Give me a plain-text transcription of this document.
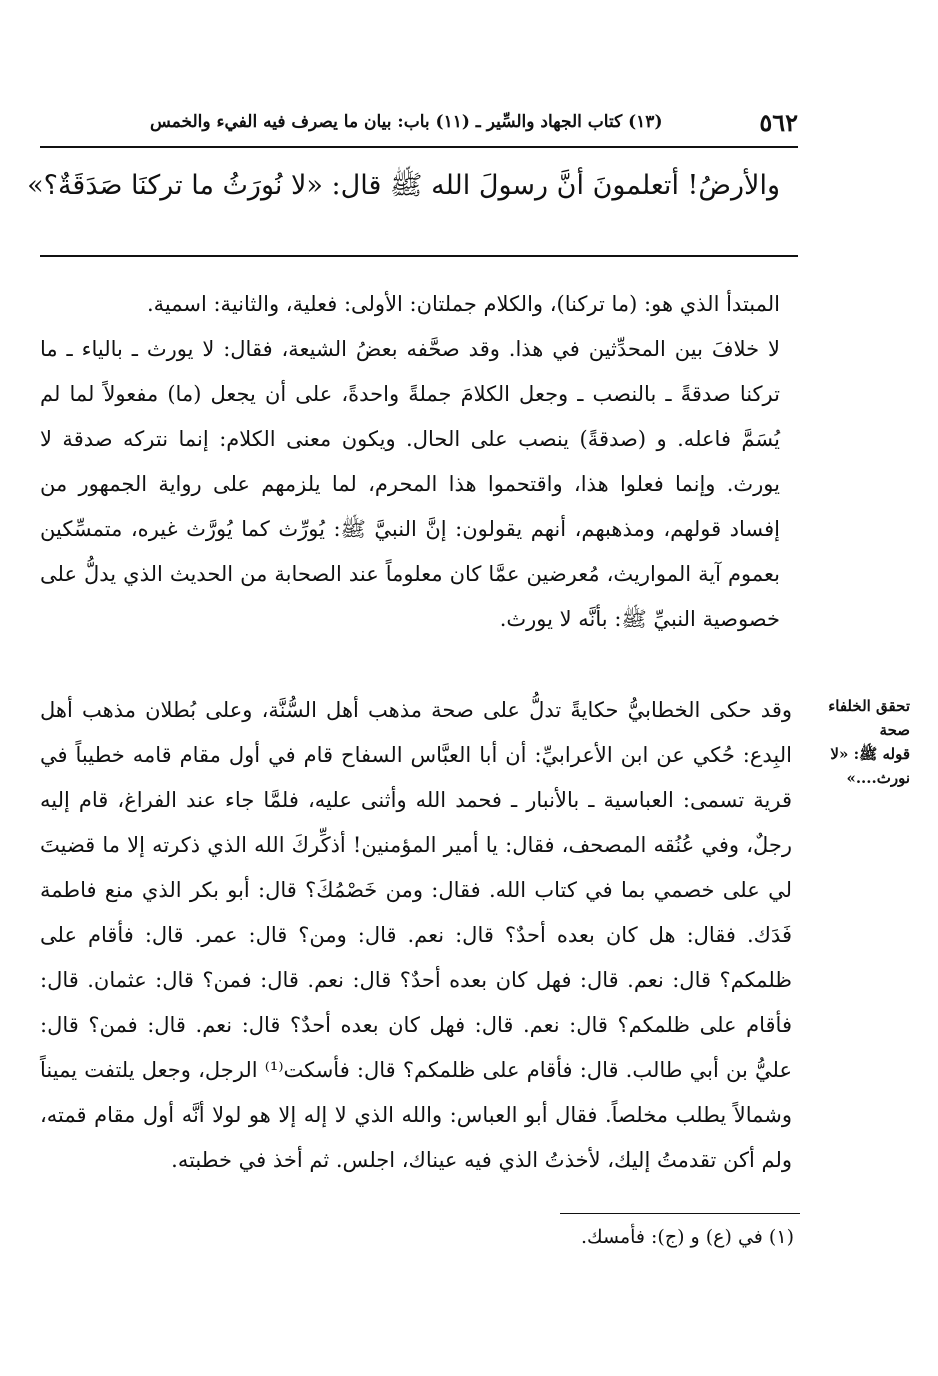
٥٦٢
(١٣) كتاب الجهاد والسِّير ـ (١١) باب: بيان ما يصرف فيه الفيء والخمس
والأرضُ! أتعلمونَ أنَّ رسولَ الله ﷺ قال: «لا نُورَثُ ما تركنَا صَدَقَةٌ؟»

المبتدأ الذي هو: (ما تركنا)، والكلام جملتان: الأولى: فعلية، والثانية: اسمية.

لا خلافَ بين المحدِّثين في هذا. وقد صحَّفه بعضُ الشيعة، فقال: لا يورث ـ بالياء ـ ما تركنا صدقةً ـ بالنصب ـ وجعل الكلامَ جملةً واحدةً، على أن يجعل (ما) مفعولاً لما لم يُسَمَّ فاعله. و (صدقةً) ينصب على الحال. ويكون معنى الكلام: إنما نتركه صدقة لا يورث. وإنما فعلوا هذا، واقتحموا هذا المحرم، لما يلزمهم على رواية الجمهور من إفساد قولهم، ومذهبهم، أنهم يقولون: إنَّ النبيَّ ﷺ: يُورِّث كما يُورَّث غيره، متمسِّكين بعموم آية المواريث، مُعرضين عمَّا كان معلوماً عند الصحابة من الحديث الذي يدلُّ على خصوصية النبيِّ ﷺ: بأنَّه لا يورث.

تحقق الخلفاء
صحة
قوله ﷺ: «لا
نورث....»

وقد حكى الخطابيُّ حكايةً تدلُّ على صحة مذهب أهل السُّنَّة، وعلى بُطلان مذهب أهل البِدع: حُكي عن ابن الأعرابيِّ: أن أبا العبَّاس السفاح قام في أول مقام قامه خطيباً في قرية تسمى: العباسية ـ بالأنبار ـ فحمد الله وأثنى عليه، فلمَّا جاء عند الفراغ، قام إليه رجلٌ، وفي عُنُقه المصحف، فقال: يا أمير المؤمنين! أذكِّركَ الله الذي ذكرته إلا ما قضيتَ لي على خصمي بما في كتاب الله. فقال: ومن خَصْمُكَ؟ قال: أبو بكر الذي منع فاطمة فَدَك. فقال: هل كان بعده أحدٌ؟ قال: نعم. قال: ومن؟ قال: عمر. قال: فأقام على ظلمكم؟ قال: نعم. قال: فهل كان بعده أحدٌ؟ قال: نعم. قال: فمن؟ قال: عثمان. قال: فأقام على ظلمكم؟ قال: نعم. قال: فهل كان بعده أحدٌ؟ قال: نعم. قال: فمن؟ قال: عليُّ بن أبي طالب. قال: فأقام على ظلمكم؟ قال: فأسكت⁽¹⁾ الرجل، وجعل يلتفت يميناً وشمالاً يطلب مخلصاً. فقال أبو العباس: والله الذي لا إله إلا هو لولا أنَّه أول مقام قمته، ولم أكن تقدمتُ إليك، لأخذتُ الذي فيه عيناك، اجلس. ثم أخذ في خطبته.

(١) في (ع) و (ج): فأمسك.
